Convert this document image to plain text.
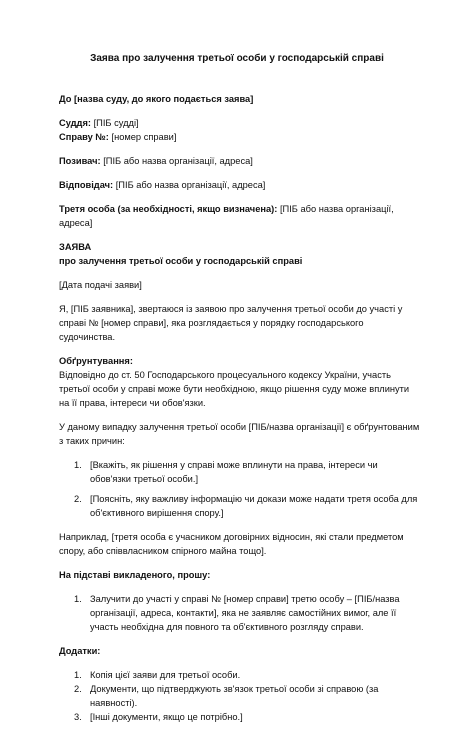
Заява про залучення третьої особи у господарській справі

До [назва суду, до якого подається заява]

Суддя: [ПІБ судді]

Справу №: [номер справи]

Позивач: [ПІБ або назва організації, адреса]

Відповідач: [ПІБ або назва організації, адреса]

Третя особа (за необхідності, якщо визначена): [ПІБ або назва організації, адреса]

ЗАЯВА

про залучення третьої особи у господарській справі

[Дата подачі заяви]

Я, [ПІБ заявника], звертаюся із заявою про залучення третьої особи до участі у справі № [номер справи], яка розглядається у порядку господарського судочинства.

Обґрунтування:

Відповідно до ст. 50 Господарського процесуального кодексу України, участь третьої особи у справі може бути необхідною, якщо рішення суду може вплинути на її права, інтереси чи обов'язки.

У даному випадку залучення третьої особи [ПІБ/назва організації] є обґрунтованим з таких причин:

1. [Вкажіть, як рішення у справі може вплинути на права, інтереси чи обов'язки третьої особи.]
2. [Поясніть, яку важливу інформацію чи докази може надати третя особа для об'єктивного вирішення спору.]

Наприклад, [третя особа є учасником договірних відносин, які стали предметом спору, або співвласником спірного майна тощо].

На підставі викладеного, прошу:

1. Залучити до участі у справі № [номер справи] третю особу – [ПІБ/назва організації, адреса, контакти], яка не заявляє самостійних вимог, але її участь необхідна для повного та об'єктивного розгляду справи.

Додатки:

1. Копія цієї заяви для третьої особи.
2. Документи, що підтверджують зв'язок третьої особи зі справою (за наявності).
3. [Інші документи, якщо це потрібно.]
